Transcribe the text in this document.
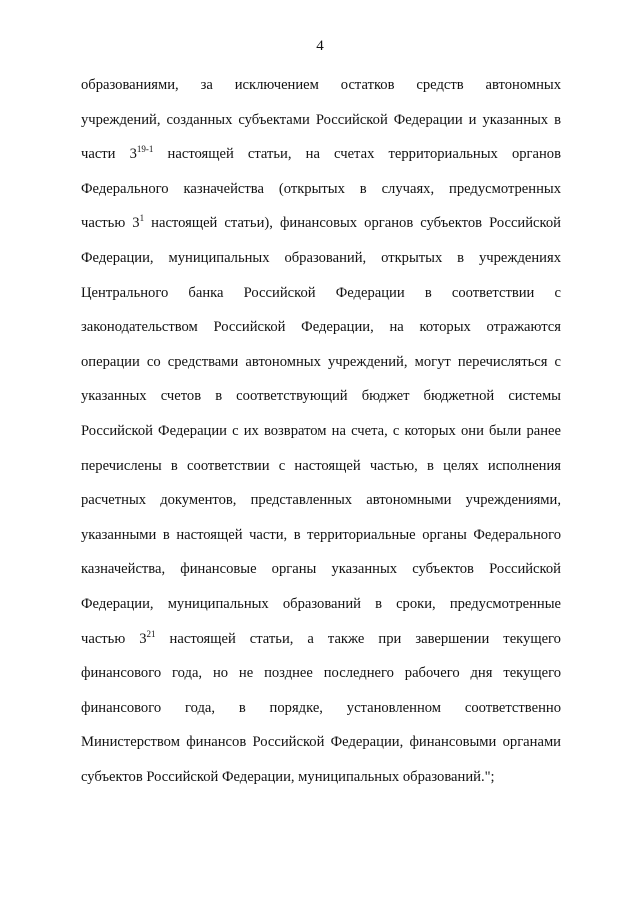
4
образованиями, за исключением остатков средств автономных
учреждений, созданных субъектами Российской Федерации и указанных в
части 3$^{19-1}$ настоящей статьи, на счетах территориальных органов
Федерального казначейства (открытых в случаях, предусмотренных
частью $3^1$ настоящей статьи), финансовых органов субъектов Российской
Федерации, муниципальных образований, открытых в учреждениях
Центрального банка Российской Федерации в соответствии с
законодательством Российской Федерации, на которых отражаются
операции со средствами автономных учреждений, могут перечисляться с
указанных счетов в соответствующий бюджет бюджетной системы
Российской Федерации с их возвратом на счета, с которых они были ранее
перечислены в соответствии с настоящей частью, в целях исполнения
расчетных документов, представленных автономными учреждениями,
указанными в настоящей части, в территориальные органы Федерального
казначейства, финансовые органы указанных субъектов Российской
Федерации, муниципальных образований в сроки, предусмотренные
частью $3^{21}$ настоящей статьи, а также при завершении текущего
финансового года, но не позднее последнего рабочего дня текущего
финансового года, в порядке, установленном соответственно
Министерством финансов Российской Федерации, финансовыми органами
субъектов Российской Федерации, муниципальных образований.";
